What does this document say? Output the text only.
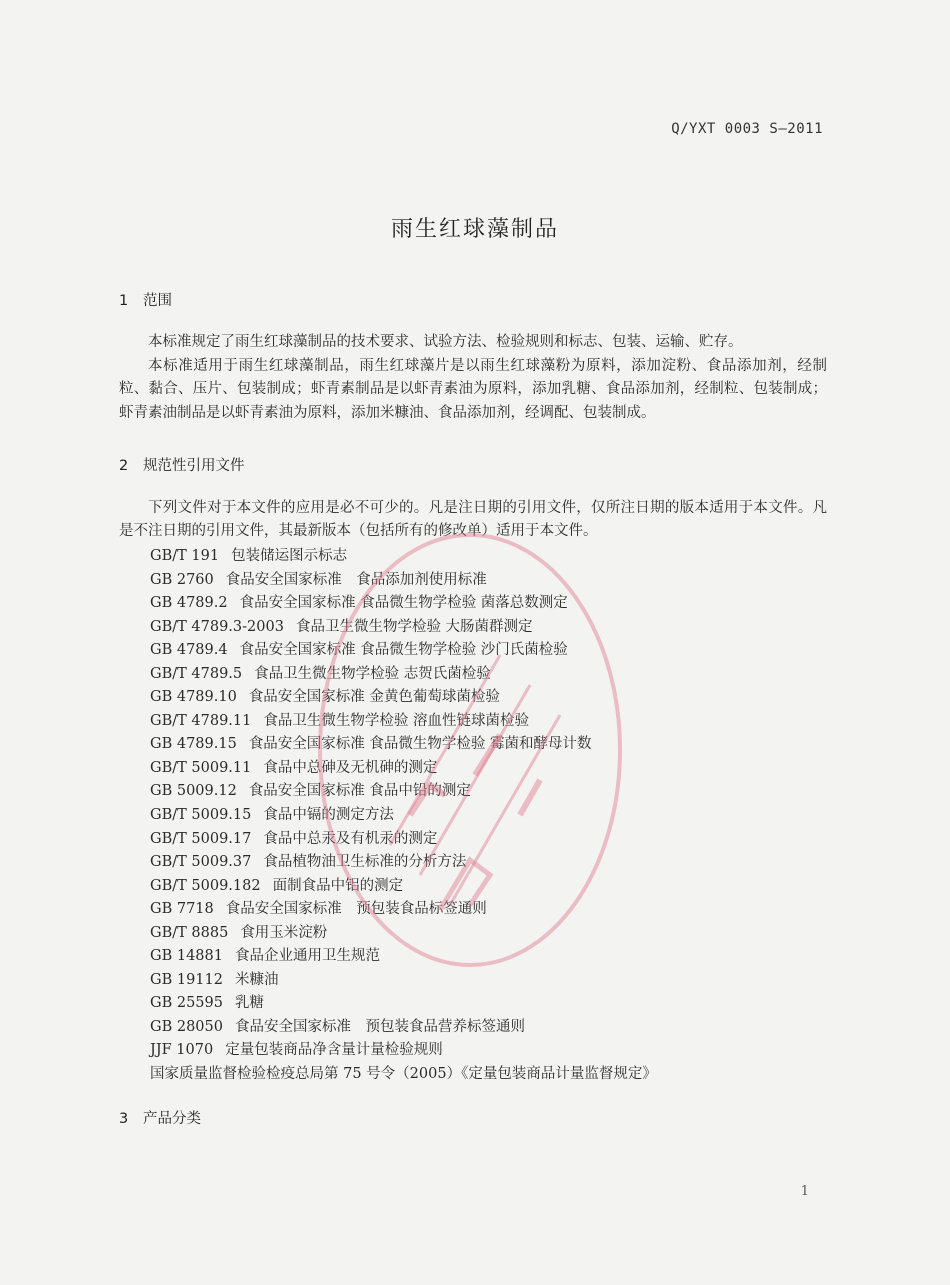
Q/YXT 0003 S—2011
雨生红球藻制品
1 范围

本标准规定了雨生红球藻制品的技术要求、试验方法、检验规则和标志、包装、运输、贮存。

本标准适用于雨生红球藻制品，雨生红球藻片是以雨生红球藻粉为原料，添加淀粉、食品添加剂，经制粒、黏合、压片、包装制成；虾青素制品是以虾青素油为原料，添加乳糖、食品添加剂，经制粒、包装制成；虾青素油制品是以虾青素油为原料，添加米糠油、食品添加剂，经调配、包装制成。

2 规范性引用文件

下列文件对于本文件的应用是必不可少的。凡是注日期的引用文件，仅所注日期的版本适用于本文件。凡是不注日期的引用文件，其最新版本（包括所有的修改单）适用于本文件。

GB/T 191 包装储运图示标志
GB 2760 食品安全国家标准　食品添加剂使用标准
GB 4789.2 食品安全国家标准 食品微生物学检验 菌落总数测定
GB/T 4789.3-2003 食品卫生微生物学检验 大肠菌群测定
GB 4789.4 食品安全国家标准 食品微生物学检验 沙门氏菌检验
GB/T 4789.5 食品卫生微生物学检验 志贺氏菌检验
GB 4789.10 食品安全国家标准 金黄色葡萄球菌检验
GB/T 4789.11 食品卫生微生物学检验 溶血性链球菌检验
GB 4789.15 食品安全国家标准 食品微生物学检验 霉菌和酵母计数
GB/T 5009.11 食品中总砷及无机砷的测定
GB 5009.12 食品安全国家标准 食品中铅的测定
GB/T 5009.15 食品中镉的测定方法
GB/T 5009.17 食品中总汞及有机汞的测定
GB/T 5009.37 食品植物油卫生标准的分析方法
GB/T 5009.182 面制食品中铝的测定
GB 7718 食品安全国家标准　预包装食品标签通则
GB/T 8885 食用玉米淀粉
GB 14881 食品企业通用卫生规范
GB 19112 米糠油
GB 25595 乳糖
GB 28050 食品安全国家标准　预包装食品营养标签通则
JJF 1070 定量包装商品净含量计量检验规则
国家质量监督检验检疫总局第 75 号令（2005）《定量包装商品计量监督规定》
3 产品分类
1
